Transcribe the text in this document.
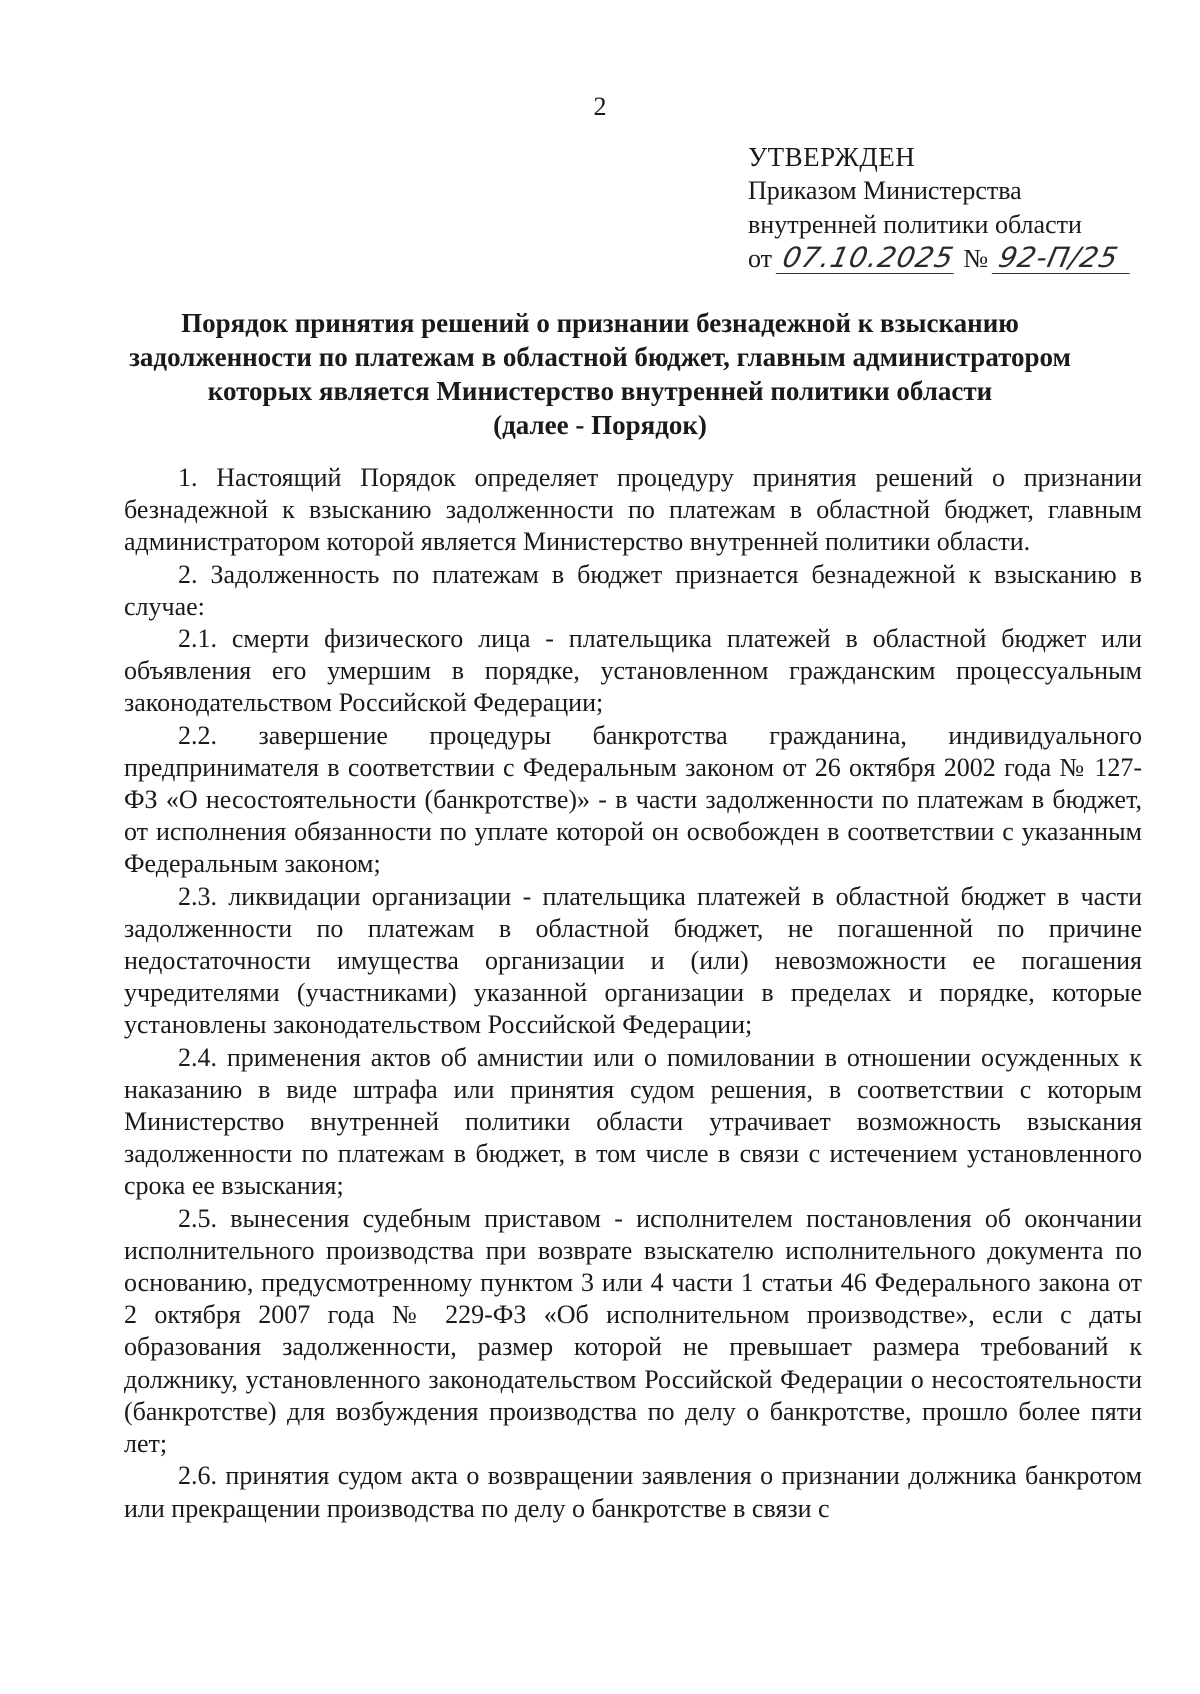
2
УТВЕРЖДЕН
Приказом Министерства
внутренней политики области
от 07.10.2025 № 92-П/25
Порядок принятия решений о признании безнадежной к взысканию
задолженности по платежам в областной бюджет, главным администратором
которых является Министерство внутренней политики области
(далее - Порядок)

1. Настоящий Порядок определяет процедуру принятия решений о признании безнадежной к взысканию задолженности по платежам в областной бюджет, главным администратором которой является Министерство внутренней политики области.

2. Задолженность по платежам в бюджет признается безнадежной к взысканию в случае:

2.1. смерти физического лица - плательщика платежей в областной бюджет или объявления его умершим в порядке, установленном гражданским процессуальным законодательством Российской Федерации;

2.2. завершение процедуры банкротства гражданина, индивидуального предпринимателя в соответствии с Федеральным законом от 26 октября 2002 года № 127-ФЗ «О несостоятельности (банкротстве)» - в части задолженности по платежам в бюджет, от исполнения обязанности по уплате которой он освобожден в соответствии с указанным Федеральным законом;

2.3. ликвидации организации - плательщика платежей в областной бюджет в части задолженности по платежам в областной бюджет, не погашенной по причине недостаточности имущества организации и (или) невозможности ее погашения учредителями (участниками) указанной организации в пределах и порядке, которые установлены законодательством Российской Федерации;

2.4. применения актов об амнистии или о помиловании в отношении осужденных к наказанию в виде штрафа или принятия судом решения, в соответствии с которым Министерство внутренней политики области утрачивает возможность взыскания задолженности по платежам в бюджет, в том числе в связи с истечением установленного срока ее взыскания;

2.5. вынесения судебным приставом - исполнителем постановления об окончании исполнительного производства при возврате взыскателю исполнительного документа по основанию, предусмотренному пунктом 3 или 4 части 1 статьи 46 Федерального закона от 2 октября 2007 года № 229-ФЗ «Об исполнительном производстве», если с даты образования задолженности, размер которой не превышает размера требований к должнику, установленного законодательством Российской Федерации о несостоятельности (банкротстве) для возбуждения производства по делу о банкротстве, прошло более пяти лет;

2.6. принятия судом акта о возвращении заявления о признании должника банкротом или прекращении производства по делу о банкротстве в связи с
